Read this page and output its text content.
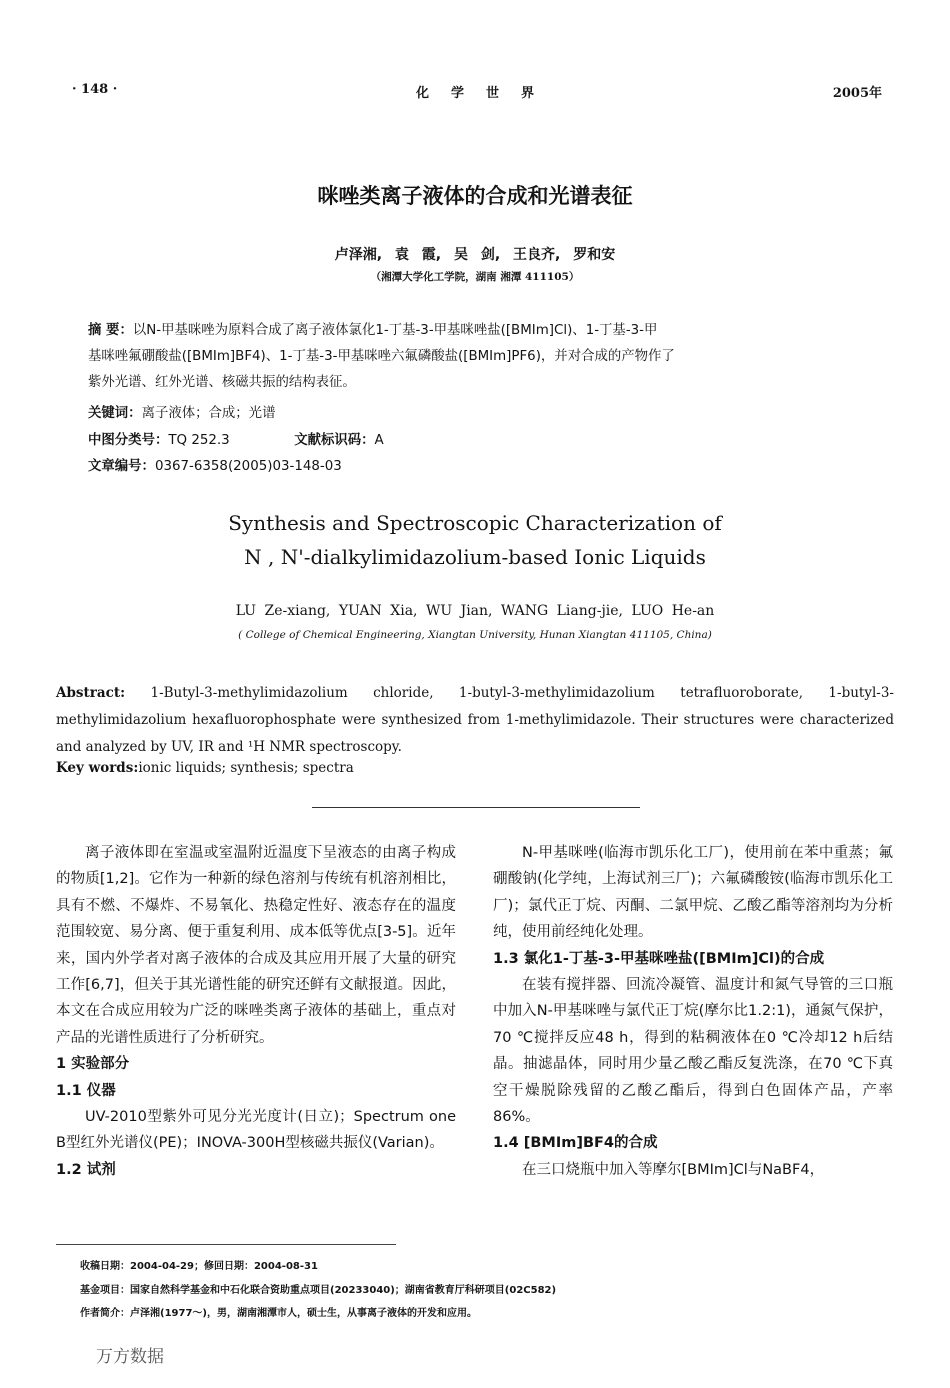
· 148 ·	化学世界	2005年
咪唑类离子液体的合成和光谱表征
卢泽湘, 袁 霞, 吴 剑, 王良齐, 罗和安
（湘潭大学化工学院，湖南 湘潭 411105）
摘 要：以N-甲基咪唑为原料合成了离子液体氯化1-丁基-3-甲基咪唑盐([BMIm]Cl)、1-丁基-3-甲
基咪唑氟硼酸盐([BMIm]BF4)、1-丁基-3-甲基咪唑六氟磷酸盐([BMIm]PF6)，并对合成的产物作了
紫外光谱、红外光谱、核磁共振的结构表征。
关键词：离子液体；合成；光谱
中图分类号：TQ 252.3	文献标识码：A
文章编号：0367-6358(2005)03-148-03
Synthesis and Spectroscopic Characterization of
N , N'-dialkylimidazolium-based Ionic Liquids
LU Ze-xiang, YUAN Xia, WU Jian, WANG Liang-jie, LUO He-an
( College of Chemical Engineering, Xiangtan University, Hunan Xiangtan 411105, China)
Abstract: 1-Butyl-3-methylimidazolium chloride, 1-butyl-3-methylimidazolium tetrafluoroborate, 1-butyl-3-methylimidazolium hexafluorophosphate were synthesized from 1-methylimidazole. Their structures were characterized and analyzed by UV, IR and ¹H NMR spectroscopy.
Key words:ionic liquids; synthesis; spectra

离子液体即在室温或室温附近温度下呈液态的由离子构成的物质[1,2]。它作为一种新的绿色溶剂与传统有机溶剂相比，具有不燃、不爆炸、不易氧化、热稳定性好、液态存在的温度范围较宽、易分离、便于重复利用、成本低等优点[3-5]。近年来，国内外学者对离子液体的合成及其应用开展了大量的研究工作[6,7]，但关于其光谱性能的研究还鲜有文献报道。因此，本文在合成应用较为广泛的咪唑类离子液体的基础上，重点对产品的光谱性质进行了分析研究。

1 实验部分

1.1 仪器

UV-2010型紫外可见分光光度计(日立)；Spectrum one B型红外光谱仪(PE)；INOVA-300H型核磁共振仪(Varian)。

1.2 试剂

N-甲基咪唑(临海市凯乐化工厂)，使用前在苯中重蒸；氟硼酸钠(化学纯，上海试剂三厂)；六氟磷酸铵(临海市凯乐化工厂)；氯代正丁烷、丙酮、二氯甲烷、乙酸乙酯等溶剂均为分析纯，使用前经纯化处理。

1.3 氯化1-丁基-3-甲基咪唑盐([BMIm]Cl)的合成

在装有搅拌器、回流冷凝管、温度计和氮气导管的三口瓶中加入N-甲基咪唑与氯代正丁烷(摩尔比1.2:1)，通氮气保护，70 ℃搅拌反应48 h，得到的粘稠液体在0 ℃冷却12 h后结晶。抽滤晶体，同时用少量乙酸乙酯反复洗涤，在70 ℃下真空干燥脱除残留的乙酸乙酯后，得到白色固体产品，产率86%。

1.4 [BMIm]BF4的合成

在三口烧瓶中加入等摩尔[BMIm]Cl与NaBF4，

收稿日期：2004-04-29；修回日期：2004-08-31
基金项目：国家自然科学基金和中石化联合资助重点项目(20233040)；湖南省教育厅科研项目(02C582)
作者简介：卢泽湘(1977～)，男，湖南湘潭市人，硕士生，从事离子液体的开发和应用。
万方数据
